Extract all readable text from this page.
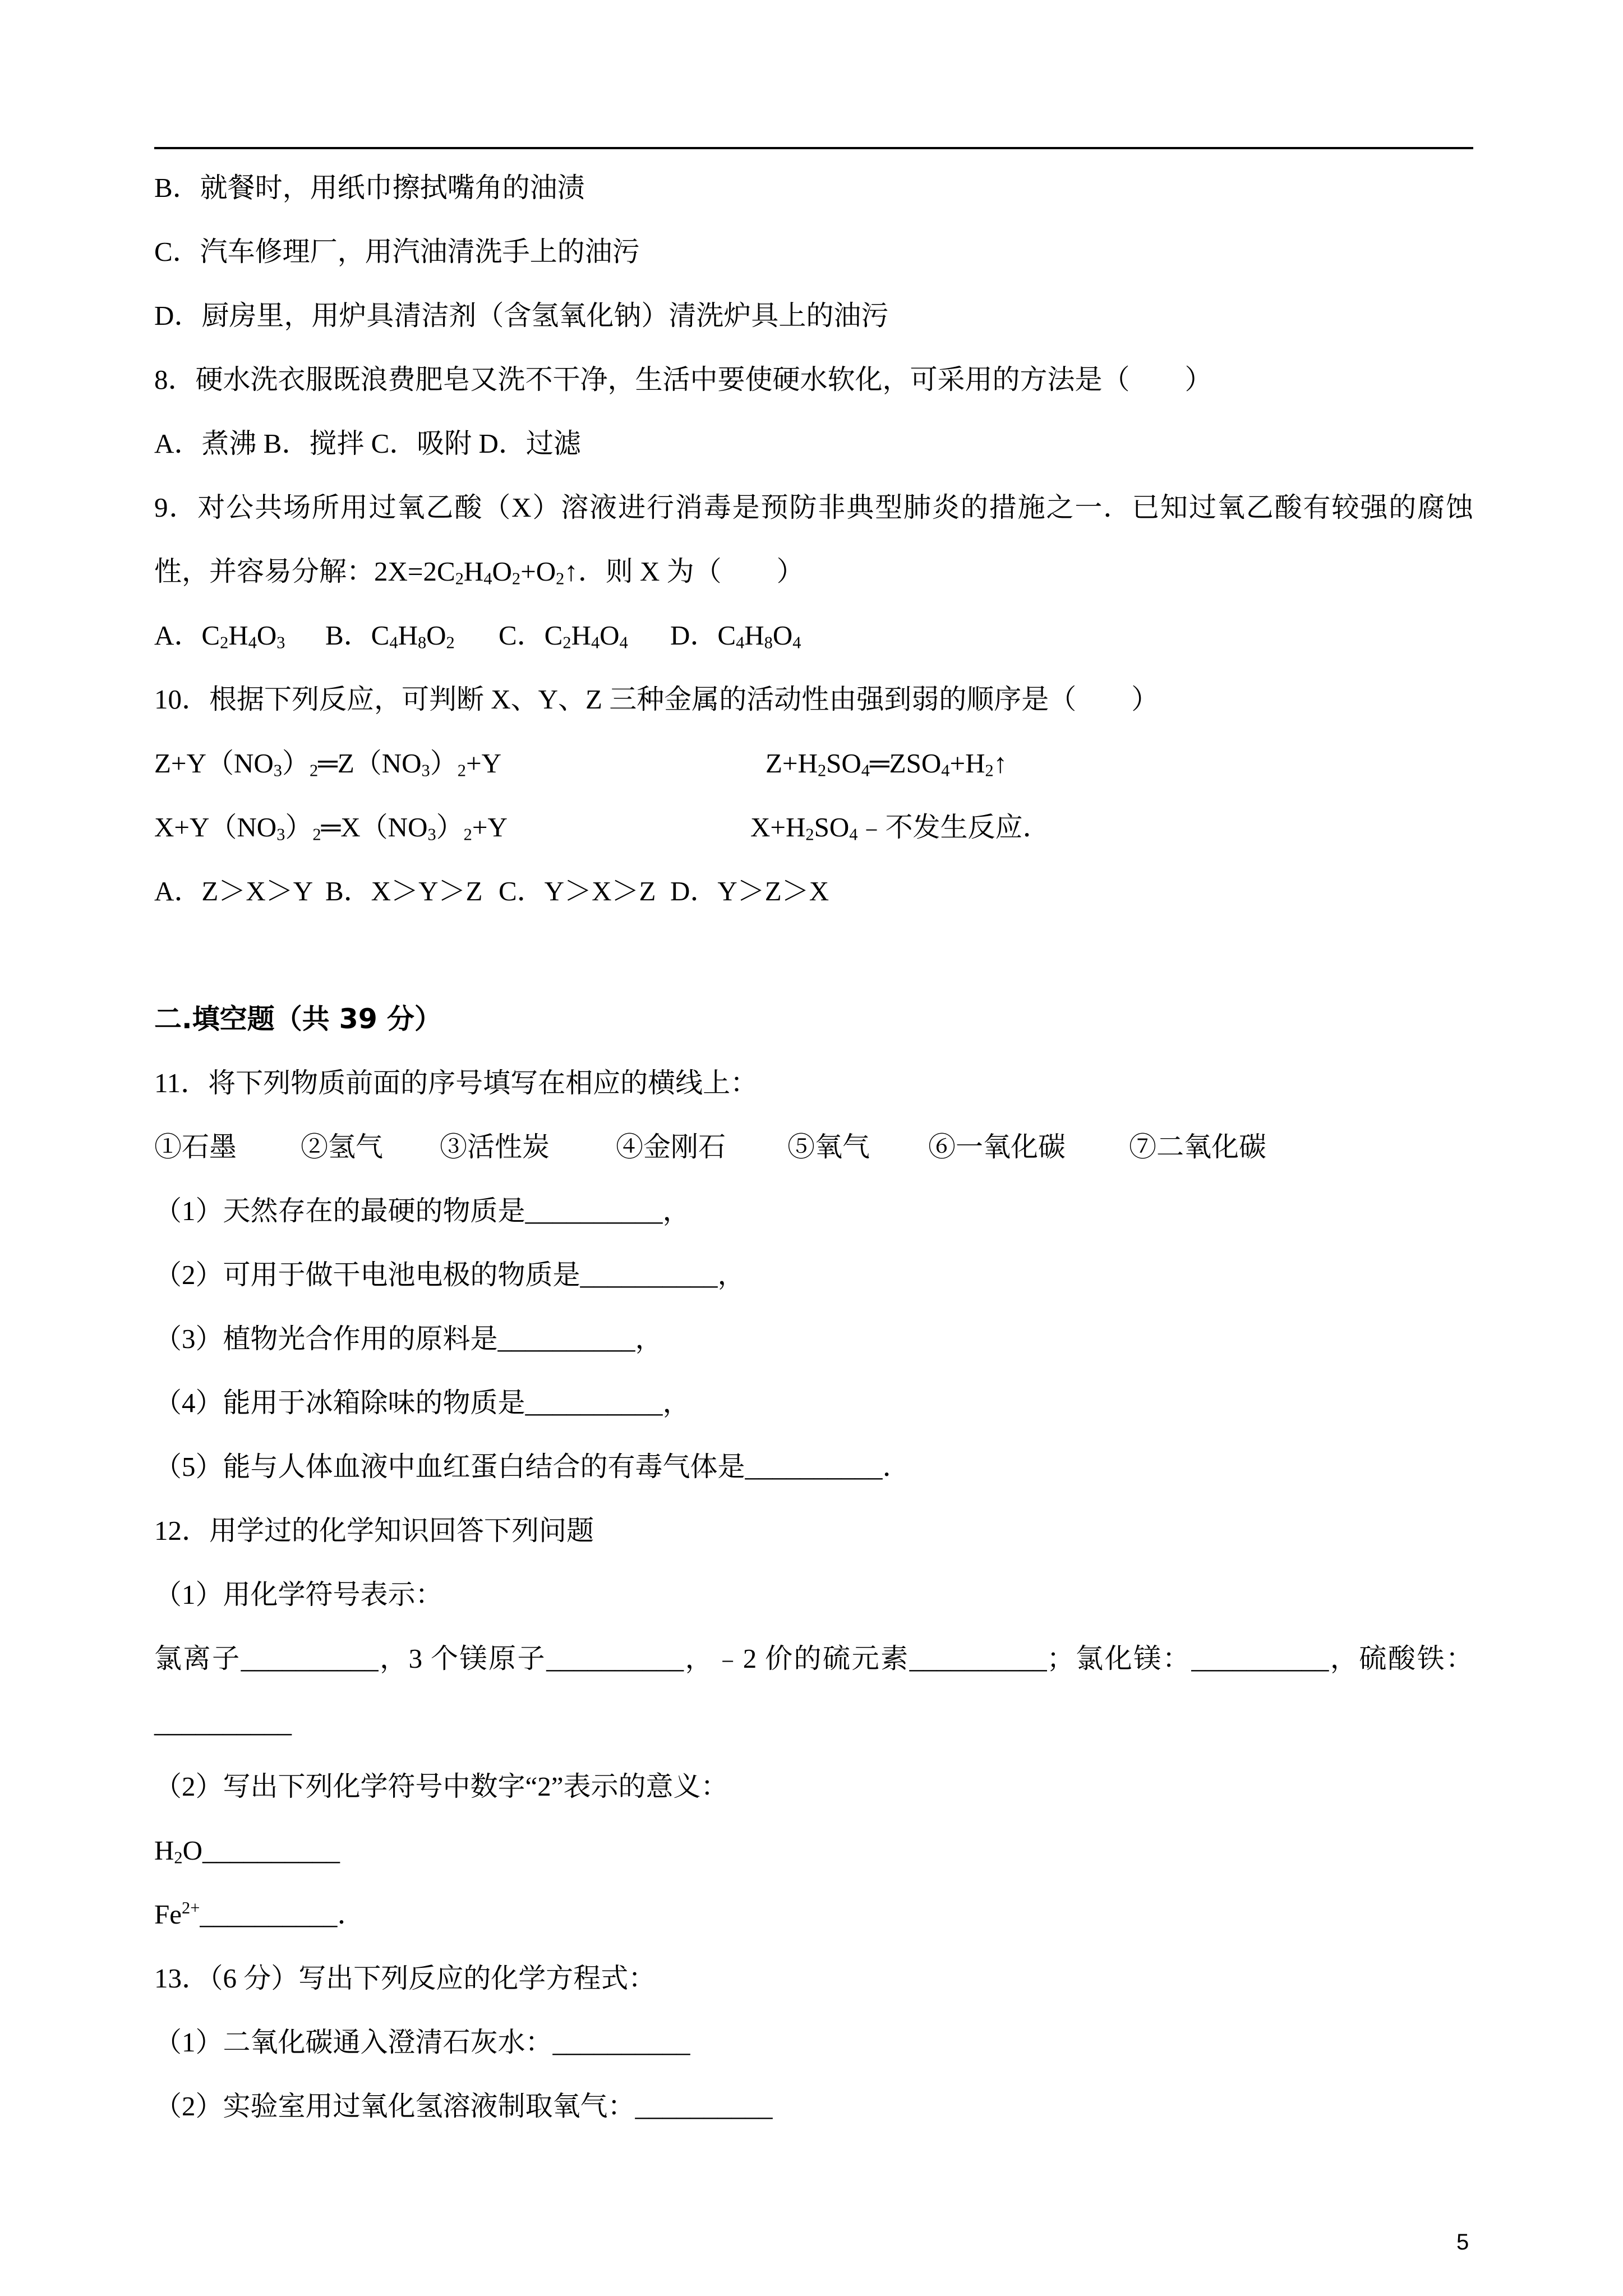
B．就餐时，用纸巾擦拭嘴角的油渍
C．汽车修理厂，用汽油清洗手上的油污
D．厨房里，用炉具清洁剂（含氢氧化钠）清洗炉具上的油污
8．硬水洗衣服既浪费肥皂又洗不干净，生活中要使硬水软化，可采用的方法是（　　）
A．煮沸 B．搅拌 C．吸附 D．过滤
9．对公共场所用过氧乙酸（X）溶液进行消毒是预防非典型肺炎的措施之一．已知过氧乙酸有较强的腐蚀
性，并容易分解：$2X=2C_2H_4O_2+O_2↑$．则 X 为（　　）
A．$C_2H_4O_3$ B．$C_4H_8O_2$ C．$C_2H_4O_4$ D．$C_4H_8O_4$
10．根据下列反应，可判断 X、Y、Z 三种金属的活动性由强到弱的顺序是（　　）
$Z+Y(NO_3)_2═Z(NO_3)_2+Y$	$Z+H_2SO_4═ZSO_4+H_2↑$
$X+Y(NO_3)_2═X(NO_3)_2+Y$	$X+H_2SO_4﹣$不发生反应．
A．Z＞X＞Y B．X＞Y＞Z C．Y＞X＞Z D．Y＞Z＞X
二.填空题（共 39 分）
11．将下列物质前面的序号填写在相应的横线上：
①石墨 ②氢气 ③活性炭 ④金刚石 ⑤氧气 ⑥一氧化碳 ⑦二氧化碳
（1）天然存在的最硬的物质是__________，
（2）可用于做干电池电极的物质是__________，
（3）植物光合作用的原料是__________，
（4）能用于冰箱除味的物质是__________，
（5）能与人体血液中血红蛋白结合的有毒气体是__________．
12．用学过的化学知识回答下列问题
（1）用化学符号表示：
氯离子__________，3 个镁原子__________，﹣2 价的硫元素__________；氯化镁：__________，硫酸铁：
__________
（2）写出下列化学符号中数字“2”表示的意义：
$H_2O\_\_\_\_\_\_\_\_\_\_$
$Fe^{2+}\_\_\_\_\_\_\_\_\_\_$．
13．（6 分）写出下列反应的化学方程式：
（1）二氧化碳通入澄清石灰水：__________
（2）实验室用过氧化氢溶液制取氧气：__________
5
